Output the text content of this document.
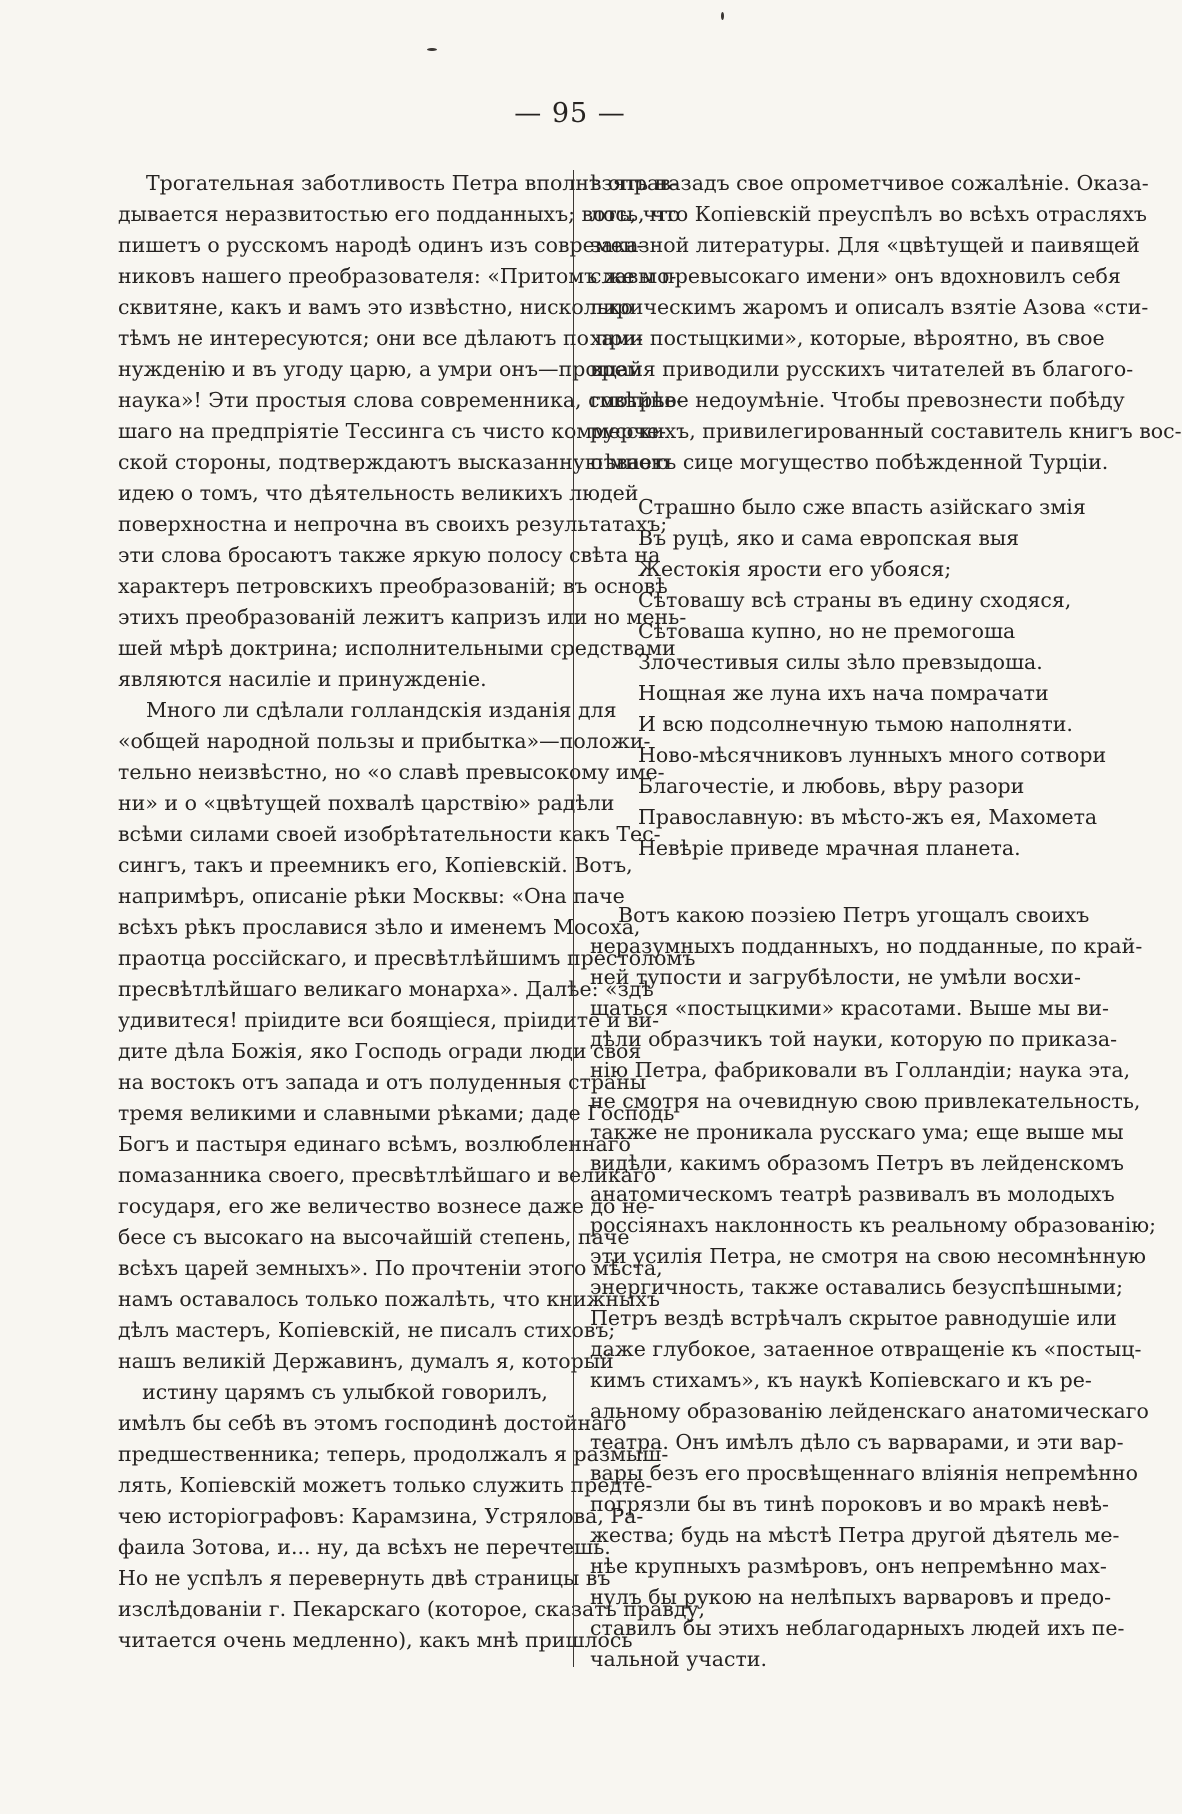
— 95 —
Трогательная заботливость Петра вполнѣ оправ-
дывается неразвитостью его подданныхъ; вотъ, что
пишетъ о русскомъ народѣ одинъ изъ современ-
никовъ нашего преобразователя: «Притомъ же мо-
сквитяне, какъ и вамъ это извѣстно, нисколько
тѣмъ не интересуются; они все дѣлаютъ по при-
нужденію и въ угоду царю, а умри онъ—прощай
наука»! Эти простыя слова современника, смотрѣв-
шаго на предпріятіе Тессинга съ чисто коммерче-
ской стороны, подтверждаютъ высказанную мною
идею о томъ, что дѣятельность великихъ людей
поверхностна и непрочна въ своихъ результатахъ;
эти слова бросаютъ также яркую полосу свѣта на
характеръ петровскихъ преобразованій; въ основѣ
этихъ преобразованій лежитъ капризъ или но мень-
шей мѣрѣ доктрина; исполнительными средствами
являются насиліе и принужденіе.
Много ли сдѣлали голландскія изданія для
«общей народной пользы и прибытка»—положи-
тельно неизвѣстно, но «о славѣ превысокому име-
ни» и о «цвѣтущей похвалѣ царствію» радѣли
всѣми силами своей изобрѣтательности какъ Тес-
сингъ, такъ и преемникъ его, Копіевскій. Вотъ,
напримѣръ, описаніе рѣки Москвы: «Она паче
всѣхъ рѣкъ прославися зѣло и именемъ Мосоха,
праотца россійскаго, и пресвѣтлѣйшимъ престоломъ
пресвѣтлѣйшаго великаго монарха». Далѣе: «здѣ
удивитеся! пріидите вси боящіеся, пріидите и ви-
дите дѣла Божія, яко Господь огради люди своя
на востокъ отъ запада и отъ полуденныя страны
тремя великими и славными рѣками; даде Господь
Богъ и пастыря единаго всѣмъ, возлюбленнаго
помазанника своего, пресвѣтлѣйшаго и великаго
государя, его же величество вознесе даже до не-
бесе съ высокаго на высочайшій степень, паче
всѣхъ царей земныхъ». По прочтеніи этого мѣста,
намъ оставалось только пожалѣть, что книжныхъ
дѣлъ мастеръ, Копіевскій, не писалъ стиховъ;
нашъ великій Державинъ, думалъ я, который
истину царямъ съ улыбкой говорилъ,
имѣлъ бы себѣ въ этомъ господинѣ достойнаго
предшественника; теперь, продолжалъ я размыш-
лять, Копіевскій можетъ только служить предте-
чею исторіографовъ: Карамзина, Устрялова, Ра-
фаила Зотова, и... ну, да всѣхъ не перечтешь.
Но не успѣлъ я перевернуть двѣ страницы въ
изслѣдованіи г. Пекарскаго (которое, сказать правду,
читается очень медленно), какъ мнѣ пришлось
взять назадъ свое опрометчивое сожалѣніе. Оказа-
лось, что Копіевскій преуспѣлъ во всѣхъ отрасляхъ
заказной литературы. Для «цвѣтущей и паивящей
славы превысокаго имени» онъ вдохновилъ себя
лирическимъ жаромъ и описалъ взятіе Азова «сти-
хами постыцкими», которые, вѣроятно, въ свое
время приводили русскихъ читателей въ благого-
говѣйное недоумѣніе. Чтобы превознести побѣду
русскихъ, привилегированный составитель книгъ вос-
пѣваетъ сице могущество побѣжденной Турціи.
Вотъ какою поэзіею Петръ угощалъ своихъ
неразумныхъ подданныхъ, но подданные, по край-
ней тупости и загрубѣлости, не умѣли восхи-
щаться «постыцкими» красотами. Выше мы ви-
дѣли образчикъ той науки, которую по приказа-
нію Петра, фабриковали въ Голландіи; наука эта,
не смотря на очевидную свою привлекательность,
также не проникала русскаго ума; еще выше мы
видѣли, какимъ образомъ Петръ въ лейденскомъ
анатомическомъ театрѣ развивалъ въ молодыхъ
россіянахъ наклонность къ реальному образованію;
эти усилія Петра, не смотря на свою несомнѣнную
энергичность, также оставались безуспѣшными;
Петръ вездѣ встрѣчалъ скрытое равнодушіе или
даже глубокое, затаенное отвращеніе къ «постыц-
кимъ стихамъ», къ наукѣ Копіевскаго и къ ре-
альному образованію лейденскаго анатомическаго
театра. Онъ имѣлъ дѣло съ варварами, и эти вар-
вары безъ его просвѣщеннаго вліянія непремѣнно
погрязли бы въ тинѣ пороковъ и во мракѣ невѣ-
жества; будь на мѣстѣ Петра другой дѣятель ме-
нѣе крупныхъ размѣровъ, онъ непремѣнно мах-
нулъ бы рукою на нелѣпыхъ варваровъ и предо-
ставилъ бы этихъ неблагодарныхъ людей ихъ пе-
чальной участи.
Страшно было сже впасть азійскаго змія
Въ руцѣ, яко и сама европская выя
Жестокія ярости его убояся;
Сѣтовашу всѣ страны въ едину сходяся,
Сѣтоваша купно, но не премогоша
Злочестивыя силы зѣло превзыдоша.
Нощная же луна ихъ нача помрачати
И всю подсолнечную тьмою наполняти.
Ново-мѣсячниковъ лунныхъ много сотвори
Благочестіе, и любовь, вѣру разори
Православную: въ мѣсто-жъ ея, Махомета
Невѣріе приведе мрачная планета.
